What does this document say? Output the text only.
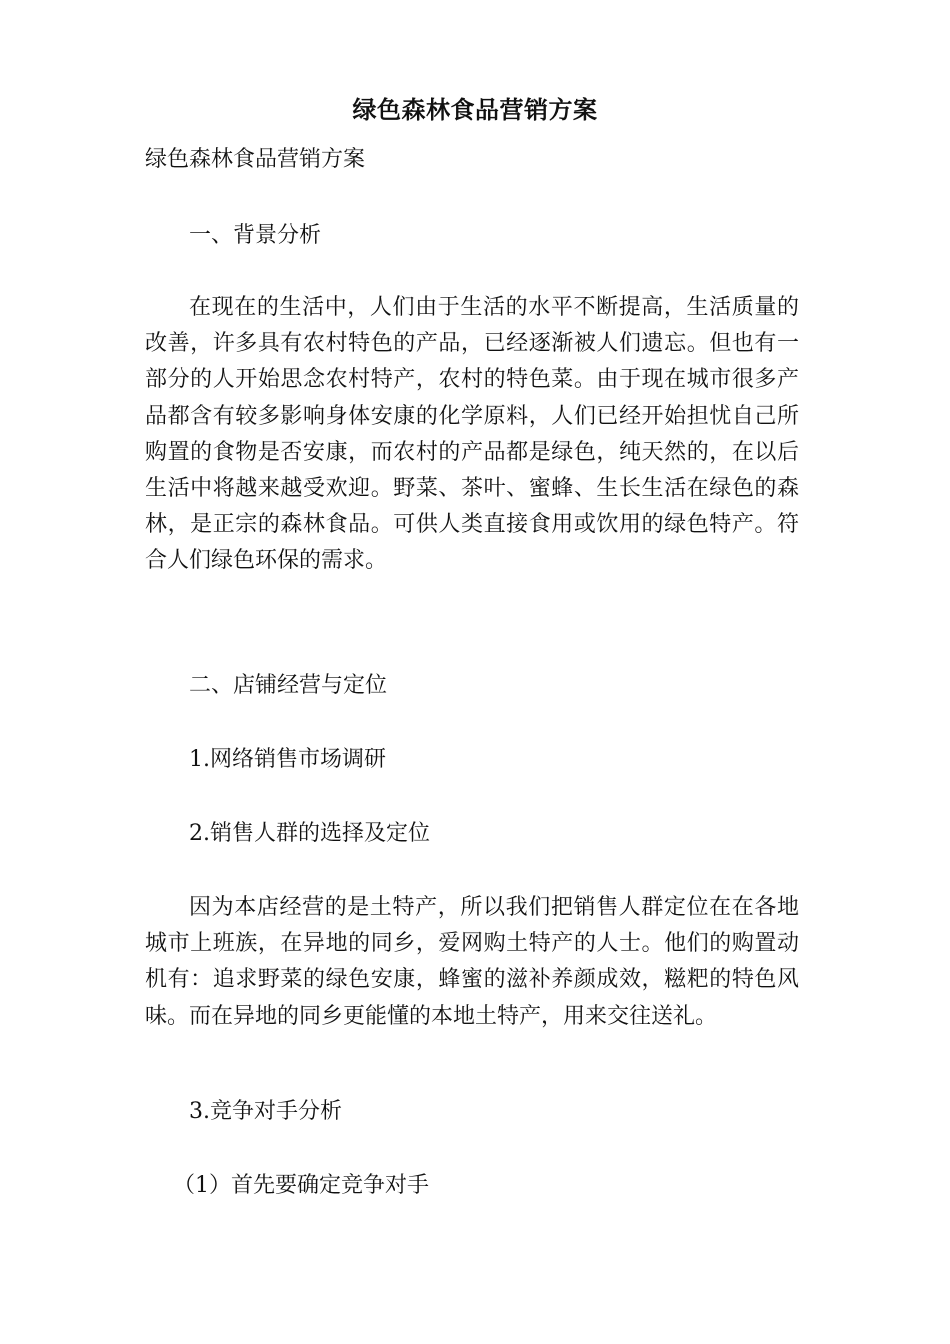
绿色森林食品营销方案
绿色森林食品营销方案
一、背景分析
在现在的生活中，人们由于生活的水平不断提高，生活质量的改善，许多具有农村特色的产品，已经逐渐被人们遗忘。但也有一部分的人开始思念农村特产，农村的特色菜。由于现在城市很多产品都含有较多影响身体安康的化学原料，人们已经开始担忧自己所购置的食物是否安康，而农村的产品都是绿色，纯天然的，在以后生活中将越来越受欢迎。野菜、茶叶、蜜蜂、生长生活在绿色的森林，是正宗的森林食品。可供人类直接食用或饮用的绿色特产。符合人们绿色环保的需求。
二、店铺经营与定位
1.网络销售市场调研
2.销售人群的选择及定位
因为本店经营的是土特产，所以我们把销售人群定位在在各地城市上班族，在异地的同乡，爱网购土特产的人士。他们的购置动机有：追求野菜的绿色安康，蜂蜜的滋补养颜成效，糍粑的特色风味。而在异地的同乡更能懂的本地土特产，用来交往送礼。
3.竞争对手分析
（1）首先要确定竞争对手
